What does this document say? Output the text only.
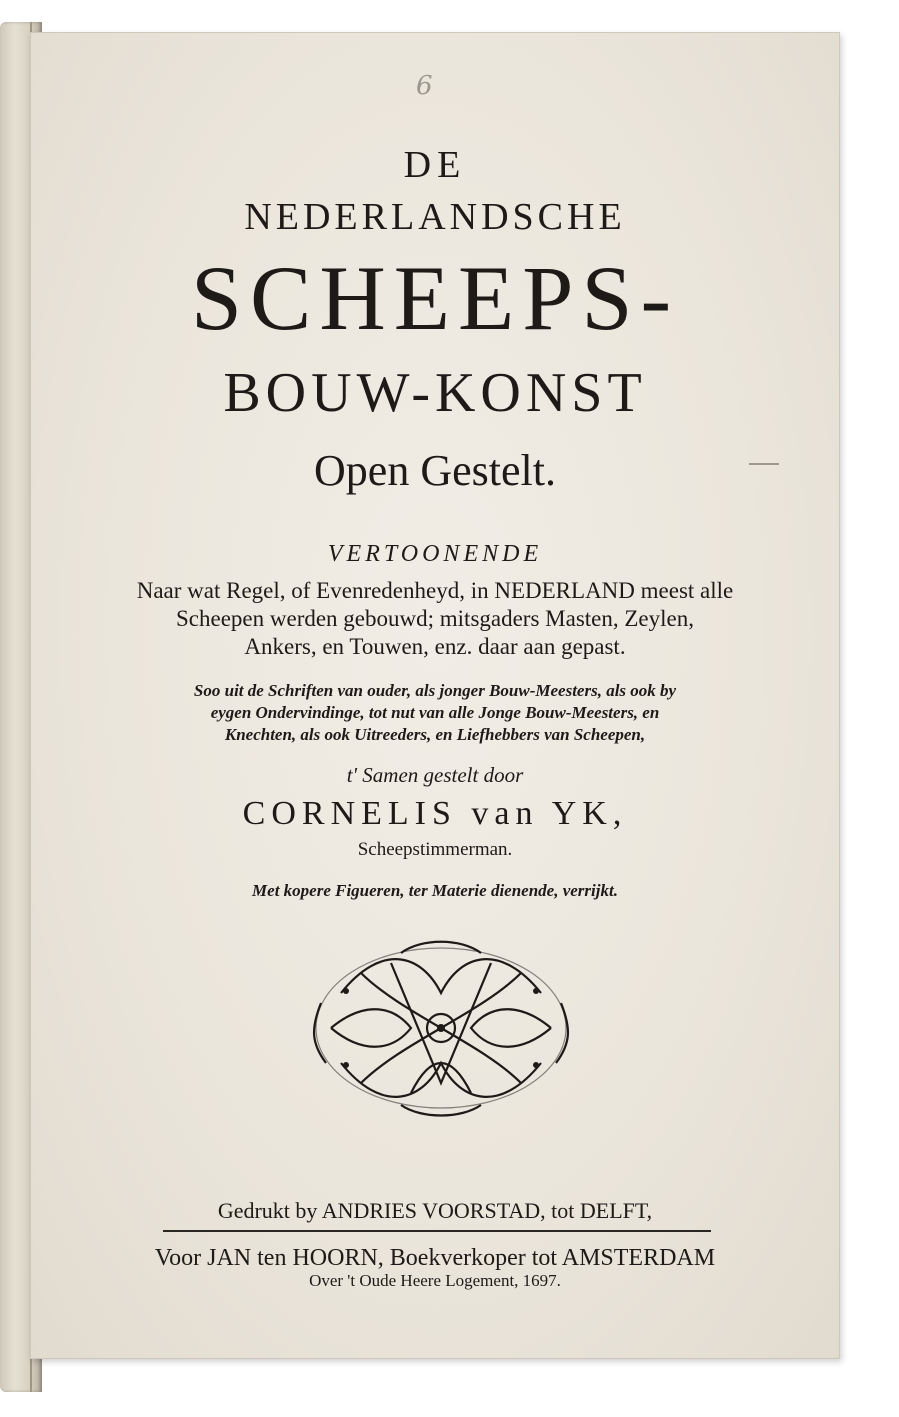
6
DE
NEDERLANDSCHE
SCHEEPS-
BOUW-KONST
Open Gestelt.
VERTOONENDE
Naar wat Regel, of Evenredenheyd, in NEDERLAND meest alle
Scheepen werden gebouwd; mitsgaders Masten, Zeylen,
Ankers, en Touwen, enz. daar aan gepast.
Soo uit de Schriften van ouder, als jonger Bouw-Meesters, als ook by
eygen Ondervindinge, tot nut van alle Jonge Bouw-Meesters, en
Knechten, als ook Uitreeders, en Liefhebbers van Scheepen,
t' Samen gestelt door
CORNELIS van YK,
Scheepstimmerman.
Met kopere Figueren, ter Materie dienende, verrijkt.
Gedrukt by ANDRIES VOORSTAD, tot DELFT,
Voor JAN ten HOORN, Boekverkoper tot AMSTERDAM
Over 't Oude Heere Logement, 1697.
